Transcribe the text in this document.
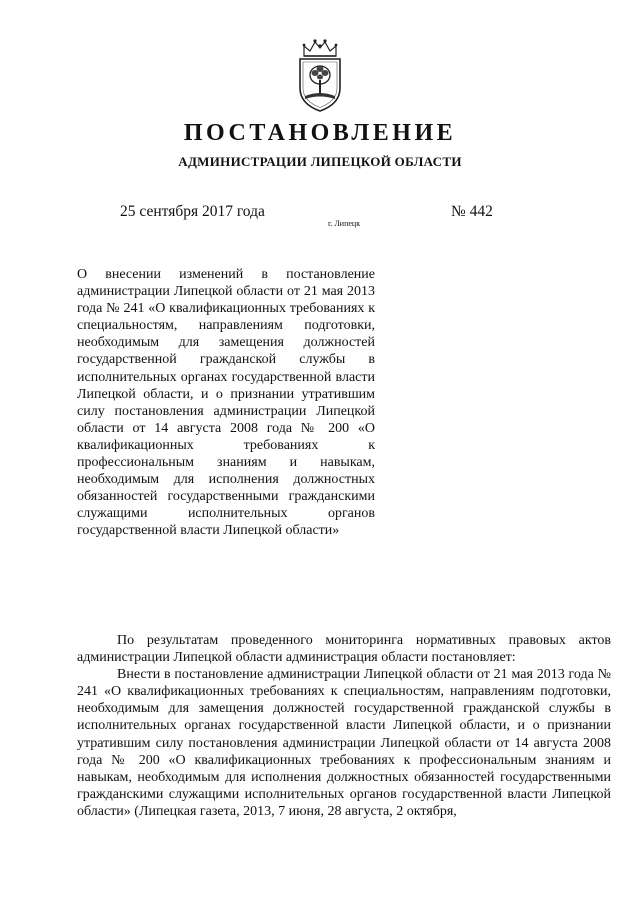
ПОСТАНОВЛЕНИЕ
АДМИНИСТРАЦИИ ЛИПЕЦКОЙ ОБЛАСТИ
25 сентября 2017 года
г. Липецк
№ 442

О внесении изменений в постановление администрации Липецкой области от 21 мая 2013 года № 241 «О квалификационных требованиях к специальностям, направлениям подготовки, необходимым для замещения должностей государственной гражданской службы в исполнительных органах государственной власти Липецкой области, и о признании утратившим силу постановления администрации Липецкой области от 14 августа 2008 года № 200 «О квалификационных требованиях к профессиональным знаниям и навыкам, необходимым для исполнения должностных обязанностей государственными гражданскими служащими исполнительных органов государственной власти Липецкой области»

По результатам проведенного мониторинга нормативных правовых актов администрации Липецкой области администрация области постановляет:

Внести в постановление администрации Липецкой области от 21 мая 2013 года № 241 «О квалификационных требованиях к специальностям, направлениям подготовки, необходимым для замещения должностей государственной гражданской службы в исполнительных органах государственной власти Липецкой области, и о признании утратившим силу постановления администрации Липецкой области от 14 августа 2008 года № 200 «О квалификационных требованиях к профессиональным знаниям и навыкам, необходимым для исполнения должностных обязанностей государственными гражданскими служащими исполнительных органов государственной власти Липецкой области» (Липецкая газета, 2013, 7 июня, 28 августа, 2 октября,
